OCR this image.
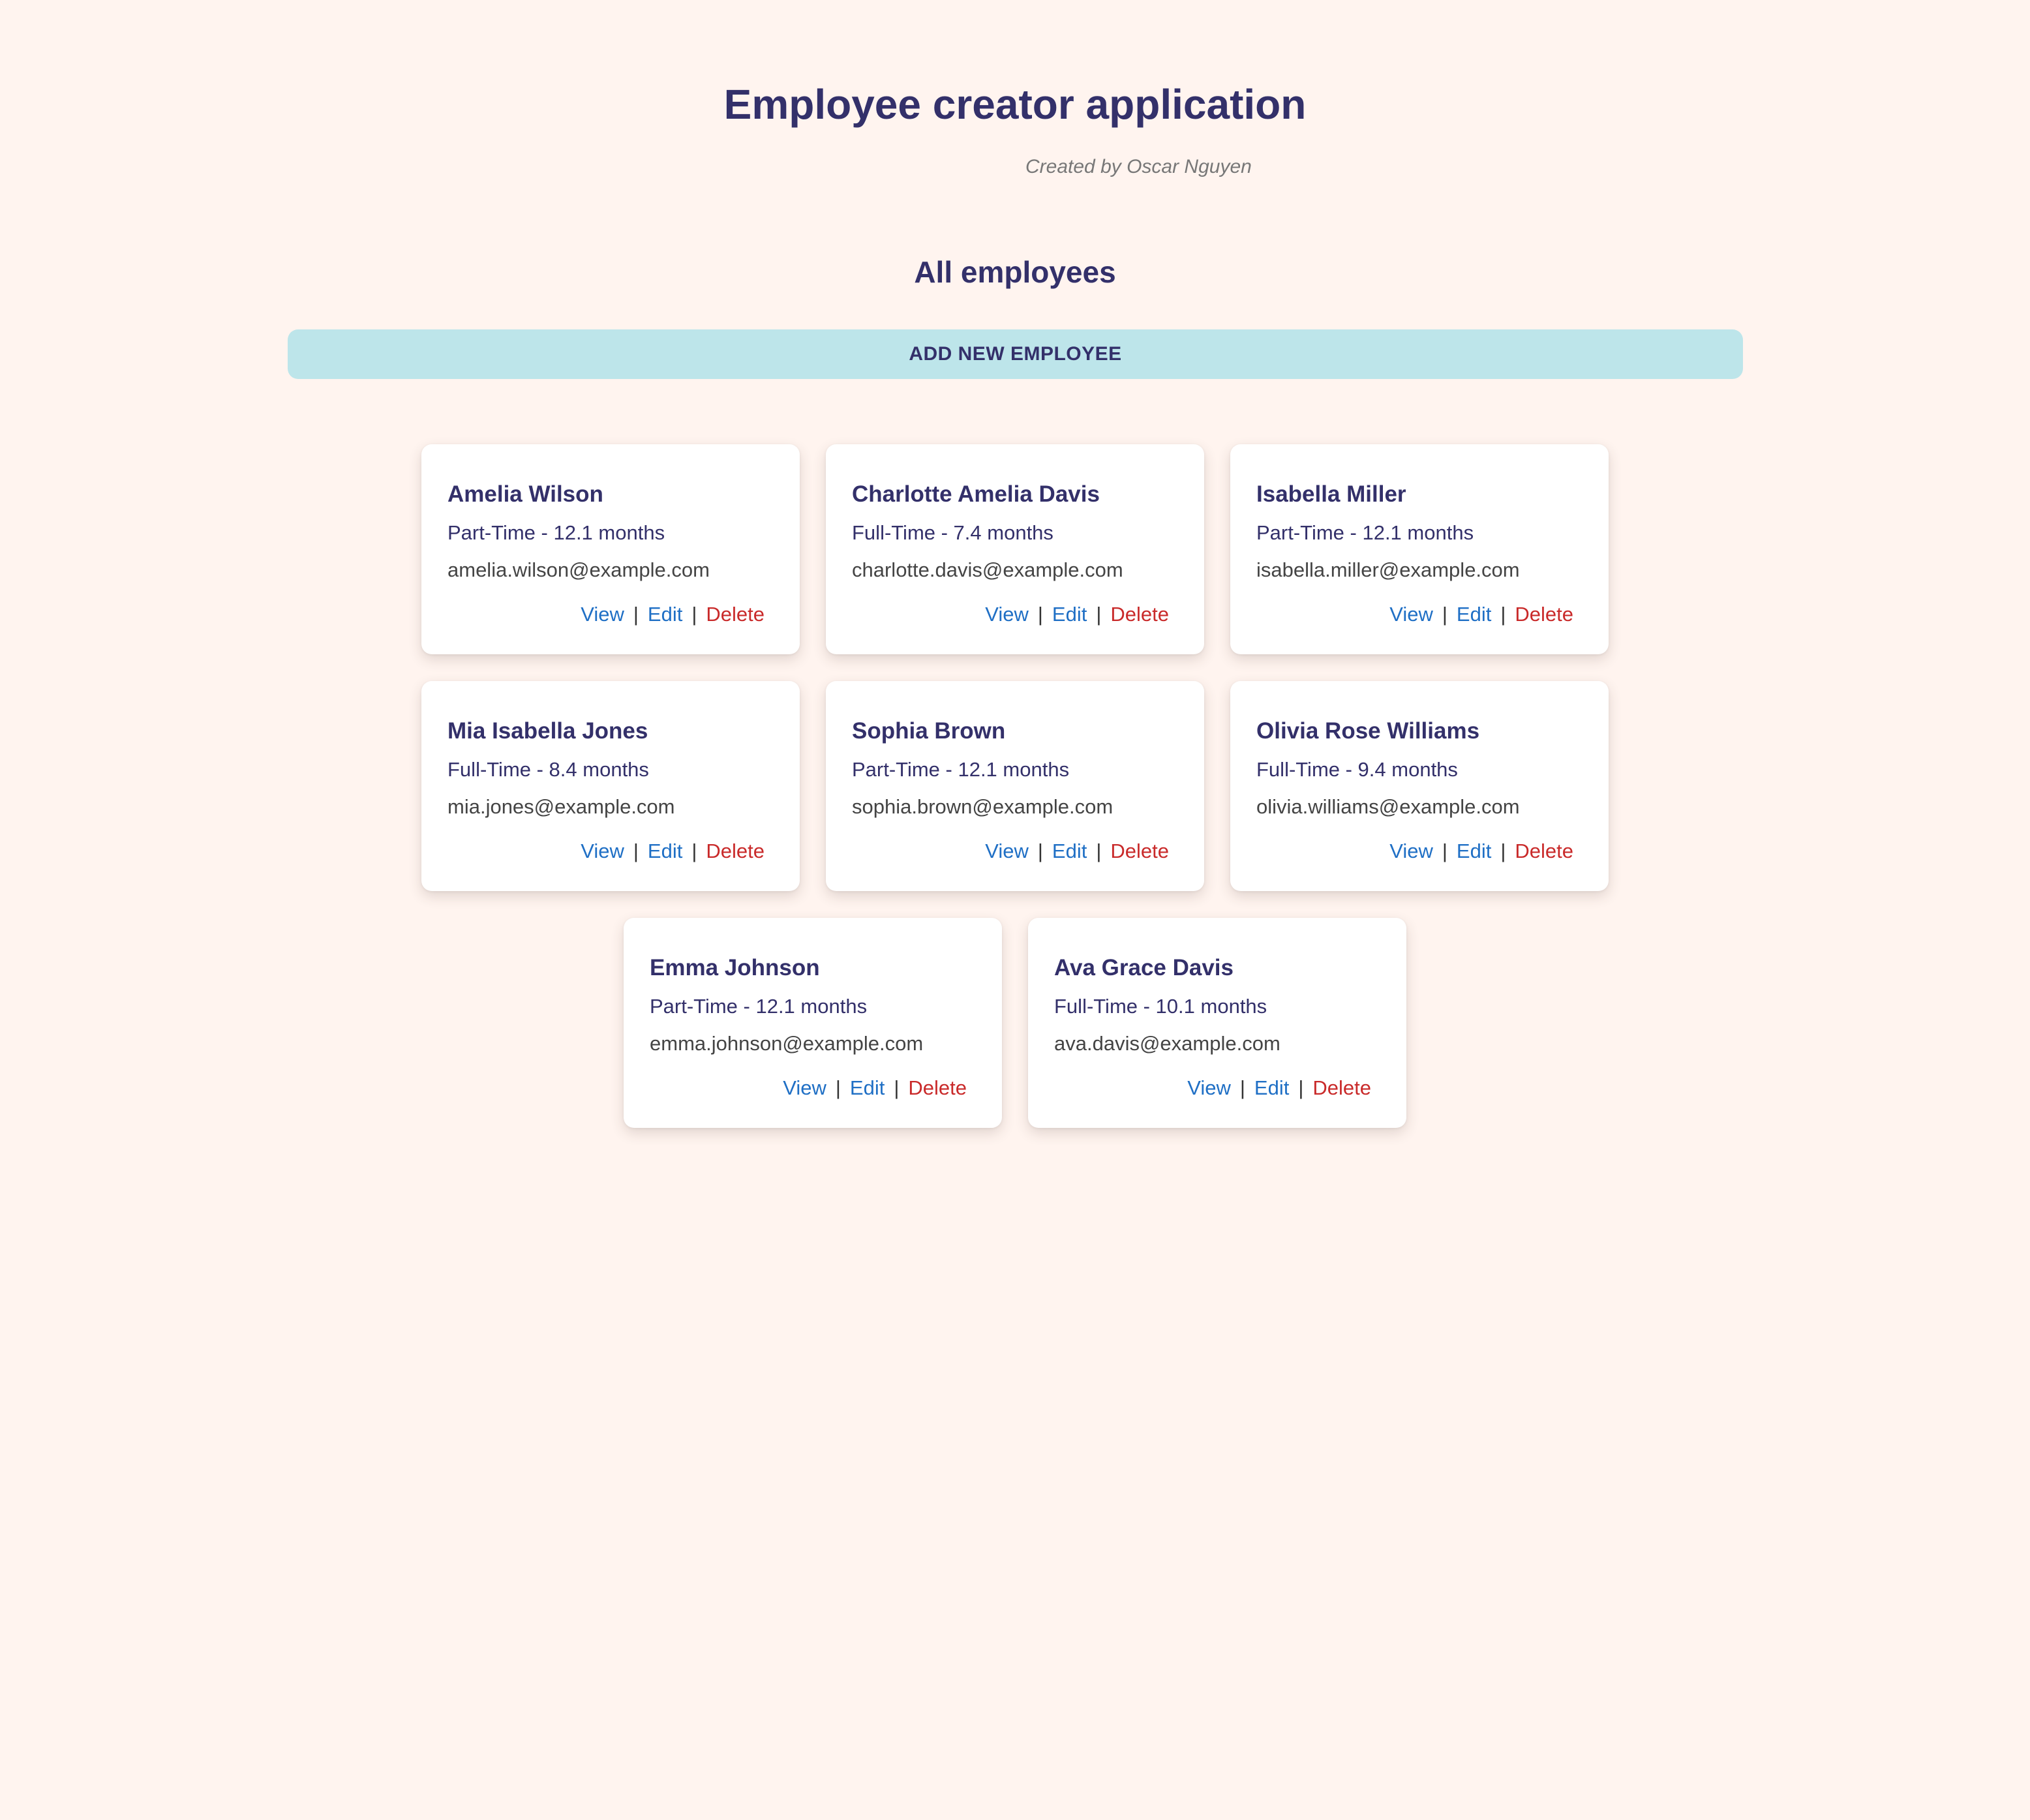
Employee creator application

Created by Oscar Nguyen

All employees
ADD NEW EMPLOYEE
Amelia Wilson
Part-Time - 12.1 months
amelia.wilson@example.com
View | Edit | Delete
Charlotte Amelia Davis
Full-Time - 7.4 months
charlotte.davis@example.com
View | Edit | Delete
Isabella Miller
Part-Time - 12.1 months
isabella.miller@example.com
View | Edit | Delete
Mia Isabella Jones
Full-Time - 8.4 months
mia.jones@example.com
View | Edit | Delete
Sophia Brown
Part-Time - 12.1 months
sophia.brown@example.com
View | Edit | Delete
Olivia Rose Williams
Full-Time - 9.4 months
olivia.williams@example.com
View | Edit | Delete
Emma Johnson
Part-Time - 12.1 months
emma.johnson@example.com
View | Edit | Delete
Ava Grace Davis
Full-Time - 10.1 months
ava.davis@example.com
View | Edit | Delete
